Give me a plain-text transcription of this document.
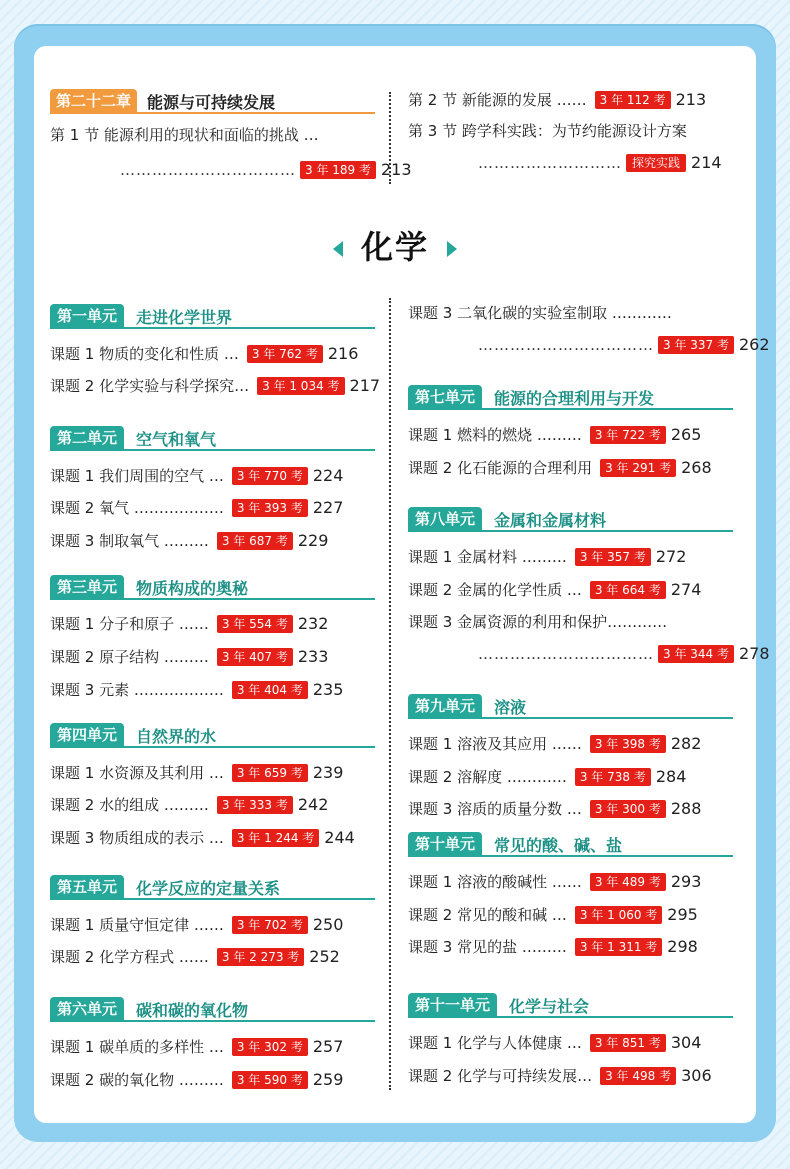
第二十二章	能源与可持续发展
第 1 节 能源利用的现状和面临的挑战 …
…………………………… 3 年 189 考 213
第 2 节 新能源的发展 ……	3 年 112 考 213
第 3 节 跨学科实践：为节约能源设计方案
……………………… 探究实践 214
化学
第一单元	走进化学世界
课题 1 物质的变化和性质 …	3 年 762 考 216
课题 2 化学实验与科学探究…	3 年 1 034 考 217
第二单元	空气和氧气
课题 1 我们周围的空气 …	3 年 770 考 224
课题 2 氧气 ………………	3 年 393 考 227
课题 3 制取氧气 ………	3 年 687 考 229
第三单元	物质构成的奥秘
课题 1 分子和原子 ……	3 年 554 考 232
课题 2 原子结构 ………	3 年 407 考 233
课题 3 元素 ………………	3 年 404 考 235
第四单元	自然界的水
课题 1 水资源及其利用 …	3 年 659 考 239
课题 2 水的组成 ………	3 年 333 考 242
课题 3 物质组成的表示 …	3 年 1 244 考 244
第五单元	化学反应的定量关系
课题 1 质量守恒定律 ……	3 年 702 考 250
课题 2 化学方程式 ……	3 年 2 273 考 252
第六单元	碳和碳的氧化物
课题 1 碳单质的多样性 …	3 年 302 考 257
课题 2 碳的氧化物 ………	3 年 590 考 259
课题 3 二氧化碳的实验室制取 …………
…………………………… 3 年 337 考 262
第七单元	能源的合理利用与开发
课题 1 燃料的燃烧 ………	3 年 722 考 265
课题 2 化石能源的合理利用	3 年 291 考 268
第八单元	金属和金属材料
课题 1 金属材料 ………	3 年 357 考 272
课题 2 金属的化学性质 …	3 年 664 考 274
课题 3 金属资源的利用和保护…………
…………………………… 3 年 344 考 278
第九单元	溶液
课题 1 溶液及其应用 ……	3 年 398 考 282
课题 2 溶解度 …………	3 年 738 考 284
课题 3 溶质的质量分数 …	3 年 300 考 288
第十单元	常见的酸、碱、盐
课题 1 溶液的酸碱性 ……	3 年 489 考 293
课题 2 常见的酸和碱 …	3 年 1 060 考 295
课题 3 常见的盐 ………	3 年 1 311 考 298
第十一单元	化学与社会
课题 1 化学与人体健康 …	3 年 851 考 304
课题 2 化学与可持续发展…	3 年 498 考 306
